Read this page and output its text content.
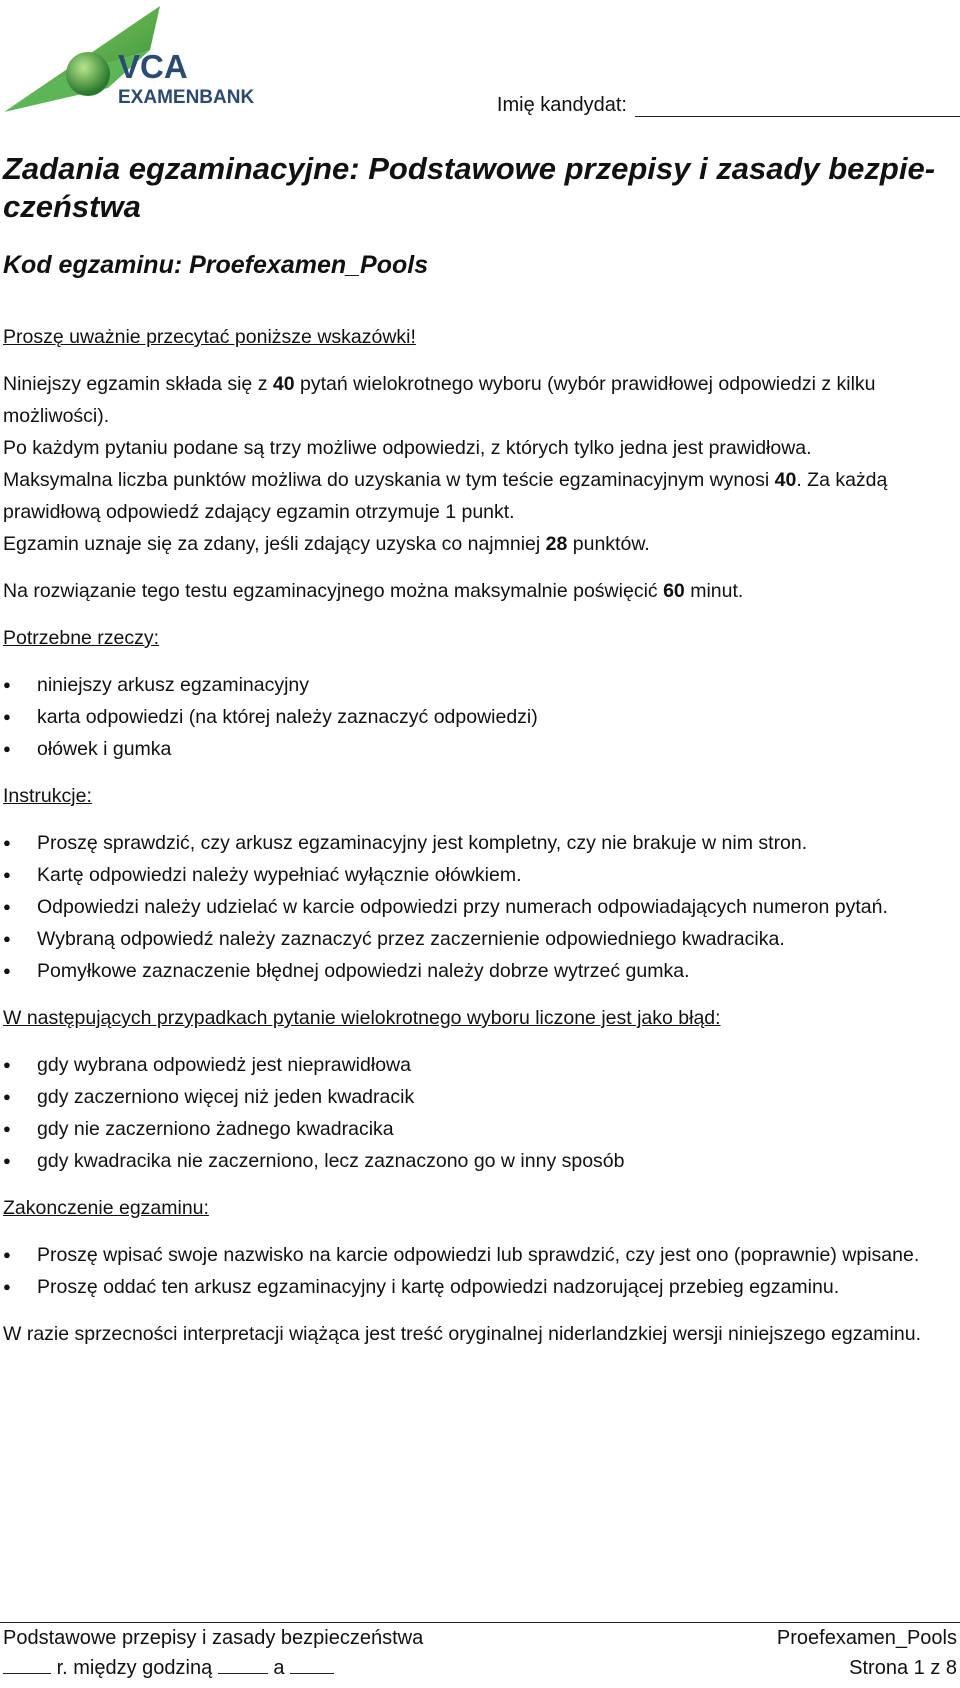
VCA
EXAMENBANK	Imię kandydat:
Zadania egzaminacyjne: Podstawowe przepisy i zasady bezpie-
czeństwa
Kod egzaminu: Proefexamen_Pools

Proszę uważnie przecytać poniższe wskazówki!

Niniejszy egzamin składa się z 40 pytań wielokrotnego wyboru (wybór prawidłowej odpowiedzi z kilku możliwości).

Po każdym pytaniu podane są trzy możliwe odpowiedzi, z których tylko jedna jest prawidłowa.

Maksymalna liczba punktów możliwa do uzyskania w tym teście egzaminacyjnym wynosi 40. Za każdą prawidłową odpowiedź zdający egzamin otrzymuje 1 punkt.

Egzamin uznaje się za zdany, jeśli zdający uzyska co najmniej 28 punktów.

Na rozwiązanie tego testu egzaminacyjnego można maksymalnie poświęcić 60 minut.

Potrzebne rzeczy:

● niniejszy arkusz egzaminacyjny
● karta odpowiedzi (na której należy zaznaczyć odpowiedzi)
● ołówek i gumka

Instrukcje:

● Proszę sprawdzić, czy arkusz egzaminacyjny jest kompletny, czy nie brakuje w nim stron.
● Kartę odpowiedzi należy wypełniać wyłącznie ołówkiem.
● Odpowiedzi należy udzielać w karcie odpowiedzi przy numerach odpowiadających numeron pytań.
● Wybraną odpowiedź należy zaznaczyć przez zaczernienie odpowiedniego kwadracika.
● Pomyłkowe zaznaczenie błędnej odpowiedzi należy dobrze wytrzeć gumka.

W następujących przypadkach pytanie wielokrotnego wyboru liczone jest jako błąd:

● gdy wybrana odpowiedż jest nieprawidłowa
● gdy zaczerniono więcej niż jeden kwadracik
● gdy nie zaczerniono żadnego kwadracika
● gdy kwadracika nie zaczerniono, lecz zaznaczono go w inny sposób

Zakonczenie egzaminu:

● Proszę wpisać swoje nazwisko na karcie odpowiedzi lub sprawdzić, czy jest ono (poprawnie) wpisane.
● Proszę oddać ten arkusz egzaminacyjny i kartę odpowiedzi nadzorującej przebieg egzaminu.

W razie sprzecności interpretacji wiążąca jest treść oryginalnej niderlandzkiej wersji niniejszego egzaminu.

Podstawowe przepisy i zasady bezpieczeństwa	Proefexamen_Pools
r. między godziną	a	Strona 1 z 8
